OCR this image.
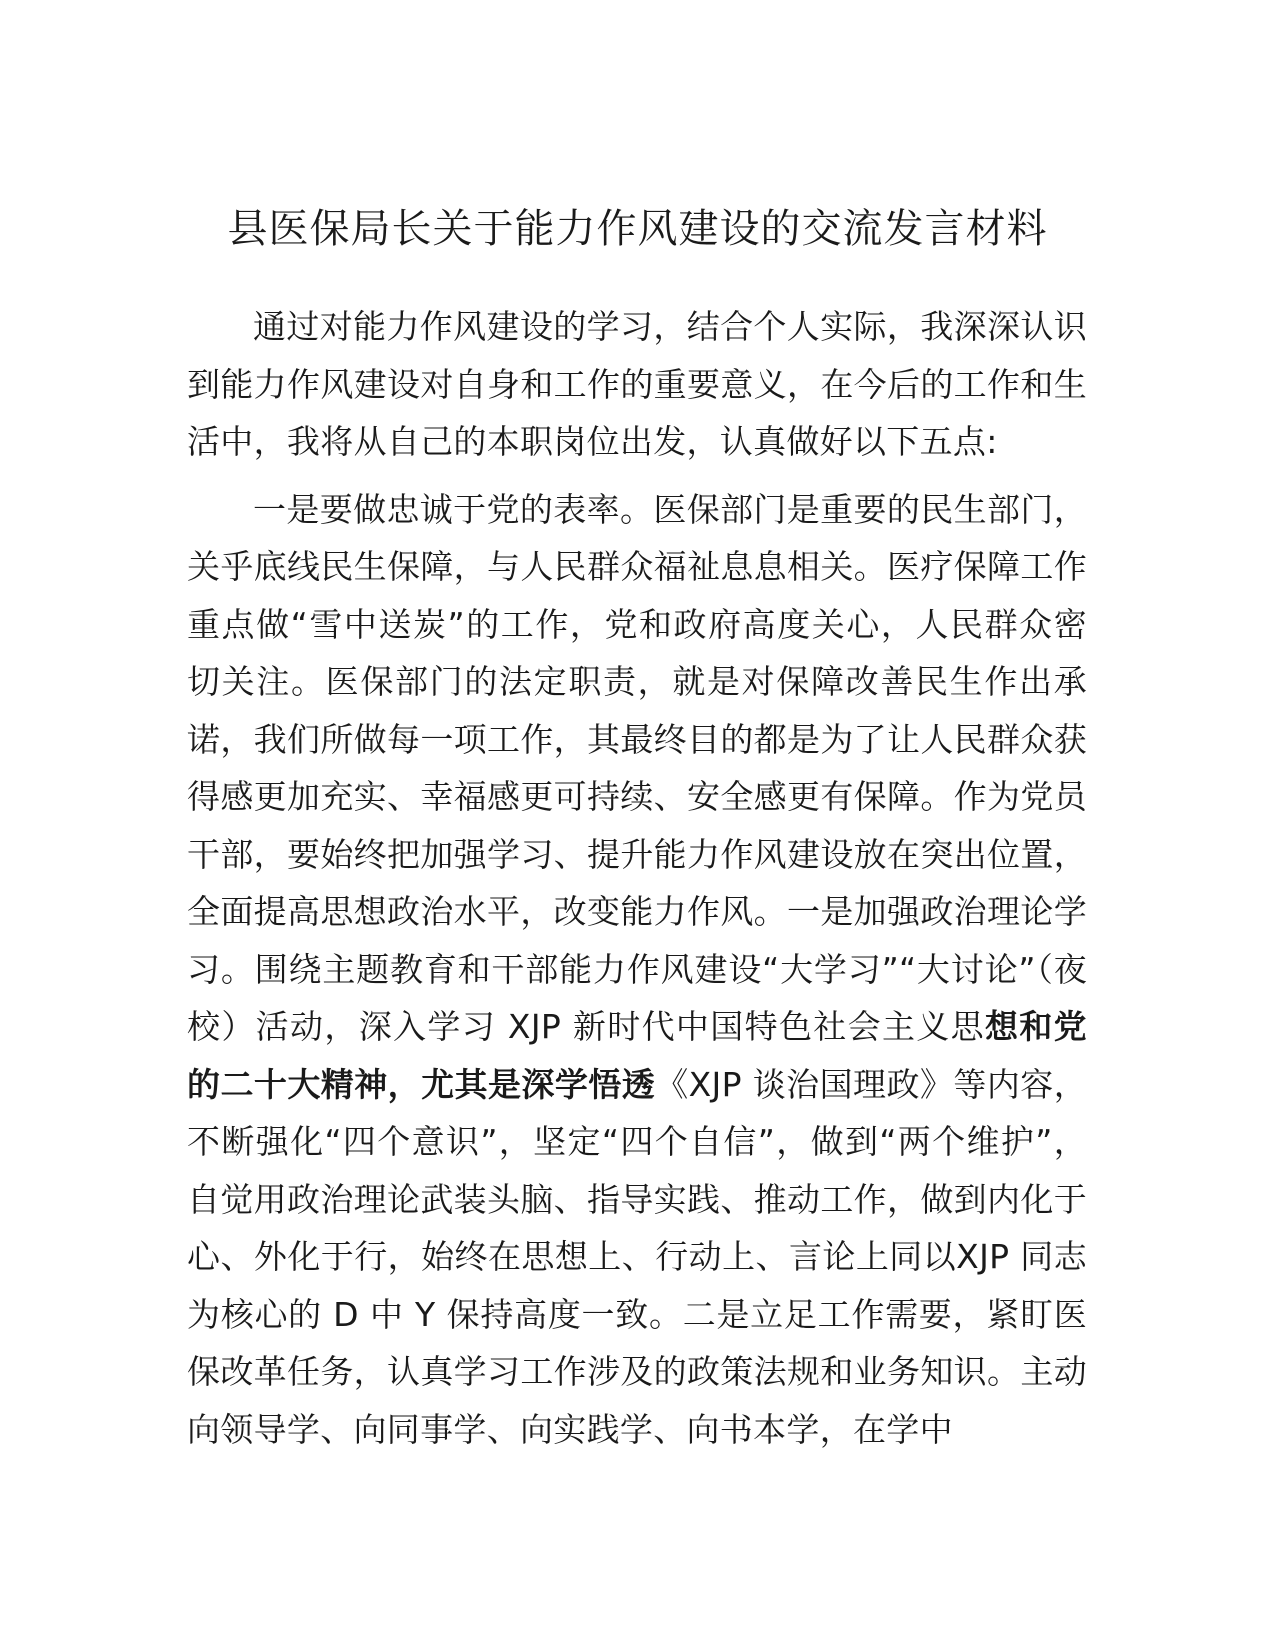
县医保局长关于能力作风建设的交流发言材料

通过对能力作风建设的学习，结合个人实际，我深深认识到能力作风建设对自身和工作的重要意义，在今后的工作和生活中，我将从自己的本职岗位出发，认真做好以下五点:

一是要做忠诚于党的表率。医保部门是重要的民生部门，关乎底线民生保障，与人民群众福祉息息相关。医疗保障工作重点做“雪中送炭”的工作，党和政府高度关心，人民群众密切关注。医保部门的法定职责，就是对保障改善民生作出承诺，我们所做每一项工作，其最终目的都是为了让人民群众获得感更加充实、幸福感更可持续、安全感更有保障。作为党员干部，要始终把加强学习、提升能力作风建设放在突出位置，全面提高思想政治水平，改变能力作风。一是加强政治理论学习。围绕主题教育和干部能力作风建设“大学习”“大讨论”（夜校）活动，深入学习 XJP 新时代中国特色社会主义思想和党的二十大精神，尤其是深学悟透《XJP 谈治国理政》等内容，不断强化“四个意识”，坚定“四个自信”，做到“两个维护”，自觉用政治理论武装头脑、指导实践、推动工作，做到内化于心、外化于行，始终在思想上、行动上、言论上同以XJP 同志为核心的 D 中 Y 保持高度一致。二是立足工作需要，紧盯医保改革任务，认真学习工作涉及的政策法规和业务知识。主动向领导学、向同事学、向实践学、向书本学，在学中
